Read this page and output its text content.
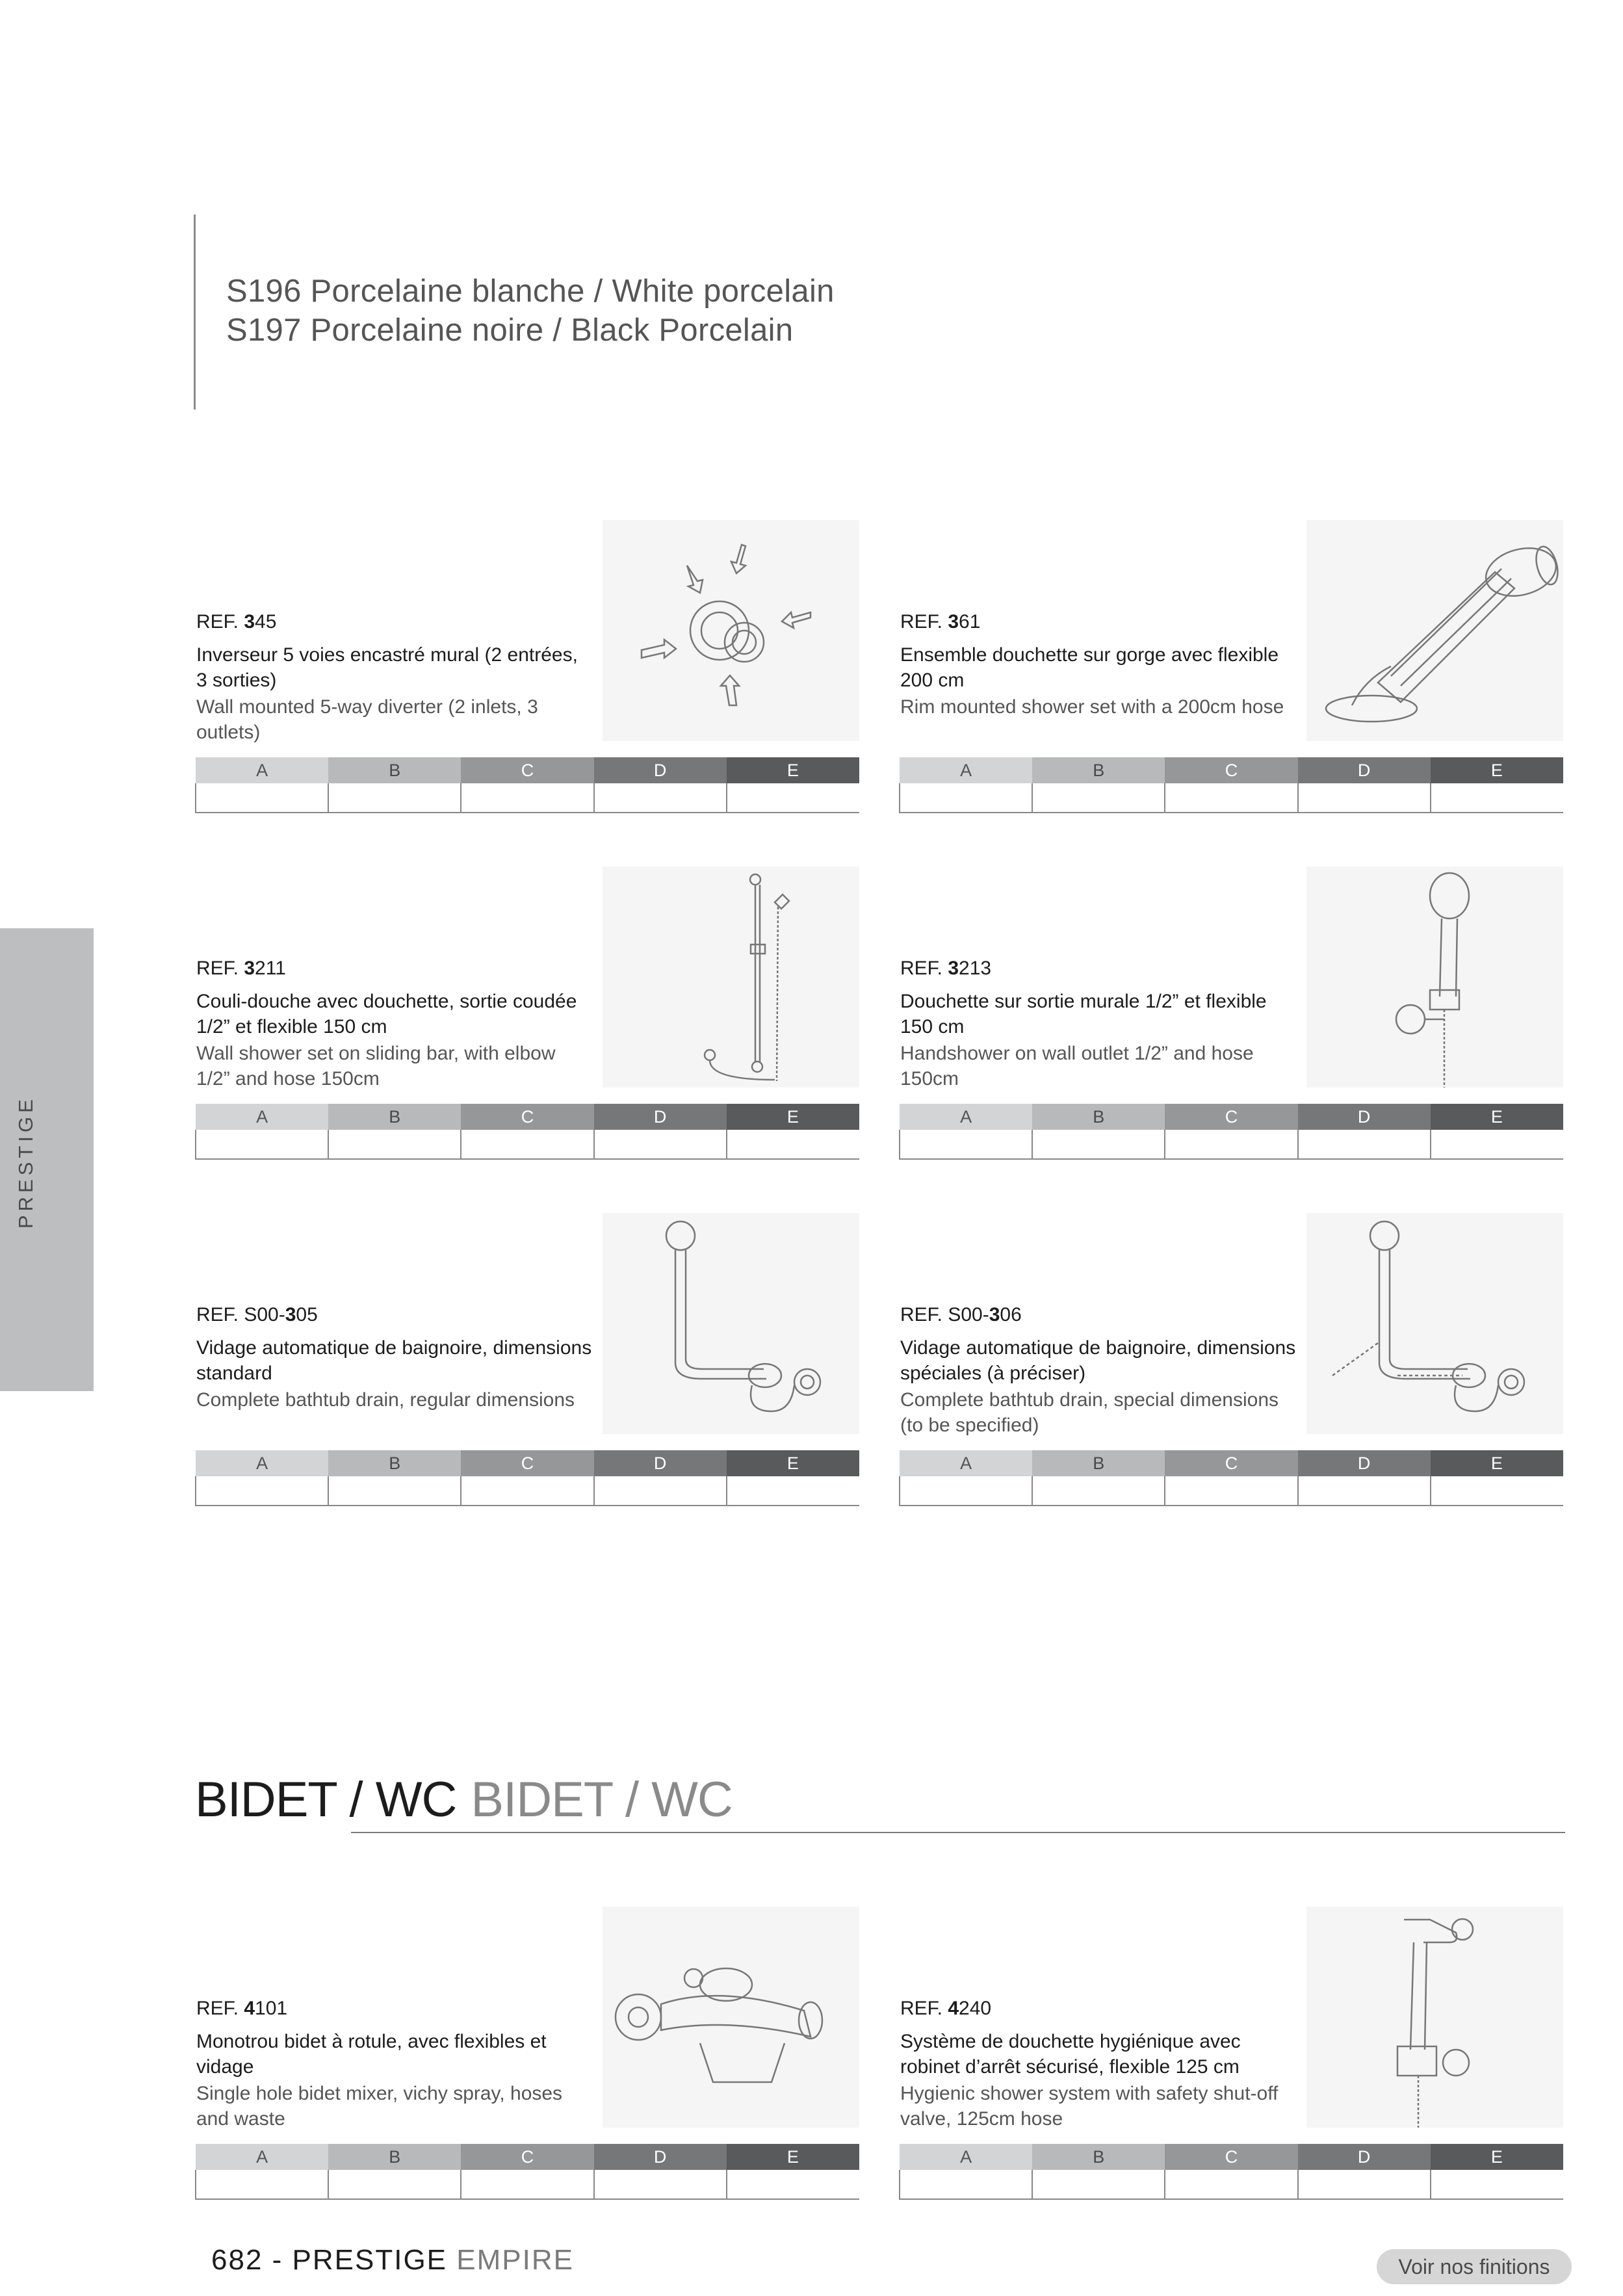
S196 Porcelaine blanche / White porcelain
S197 Porcelaine noire / Black Porcelain
PRESTIGE
REF. 345
Inverseur 5 voies encastré mural (2 entrées, 3 sorties)
Wall mounted 5-way diverter (2 inlets, 3 outlets)
A	B	C	D	E

REF. 361
Ensemble douchette sur gorge avec flexible 200 cm
Rim mounted shower set with a 200cm hose
A	B	C	D	E

REF. 3211
Couli-douche avec douchette, sortie coudée 1/2” et flexible 150 cm
Wall shower set on sliding bar, with elbow 1/2” and hose 150cm
A	B	C	D	E

REF. 3213
Douchette sur sortie murale 1/2” et flexible 150 cm
Handshower on wall outlet 1/2” and hose 150cm
A	B	C	D	E

REF. S00-305
Vidage automatique de baignoire, dimensions standard
Complete bathtub drain, regular dimensions
A	B	C	D	E

REF. S00-306
Vidage automatique de baignoire, dimensions spéciales (à préciser)
Complete bathtub drain, special dimensions (to be specified)
A	B	C	D	E

BIDET / WC BIDET / WC
REF. 4101
Monotrou bidet à rotule, avec flexibles et vidage
Single hole bidet mixer, vichy spray, hoses and waste
A	B	C	D	E

REF. 4240
Système de douchette hygiénique avec robinet d’arrêt sécurisé, flexible 125 cm
Hygienic shower system with safety shut-off valve, 125cm hose
A	B	C	D	E

682 - PRESTIGE EMPIRE	Voir nos finitions
